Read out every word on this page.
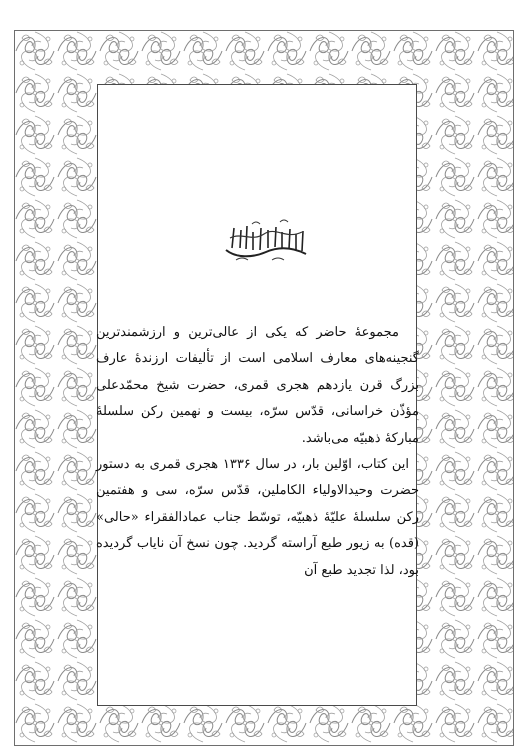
مجموعهٔ حاضر که یکی از عالی‌ترین و ارزشمندترین گنجینه‌های معارف اسلامی است از تألیفات ارزندهٔ عارف بزرگ قرن یازدهم هجری قمری، حضرت شیخ محمّدعلی مؤذّن خراسانی، قدّس سرّه، بیست و نهمین رکن سلسلهٔ مبارکهٔ ذهبیّه می‌باشد.

این کتاب، اوّلین بار، در سال ۱۳۳۶ هجری قمری به دستور حضرت وحیدالاولیاء الکاملین، قدّس سرّه، سی و هفتمین رکن سلسلهٔ علیّهٔ ذهبیّه، توسّط جناب عمادالفقراء «حالی» (قده) به زیور طبع آراسته گردید. چون نسخ آن نایاب گردیده بود، لذا تجدید طبع آن
